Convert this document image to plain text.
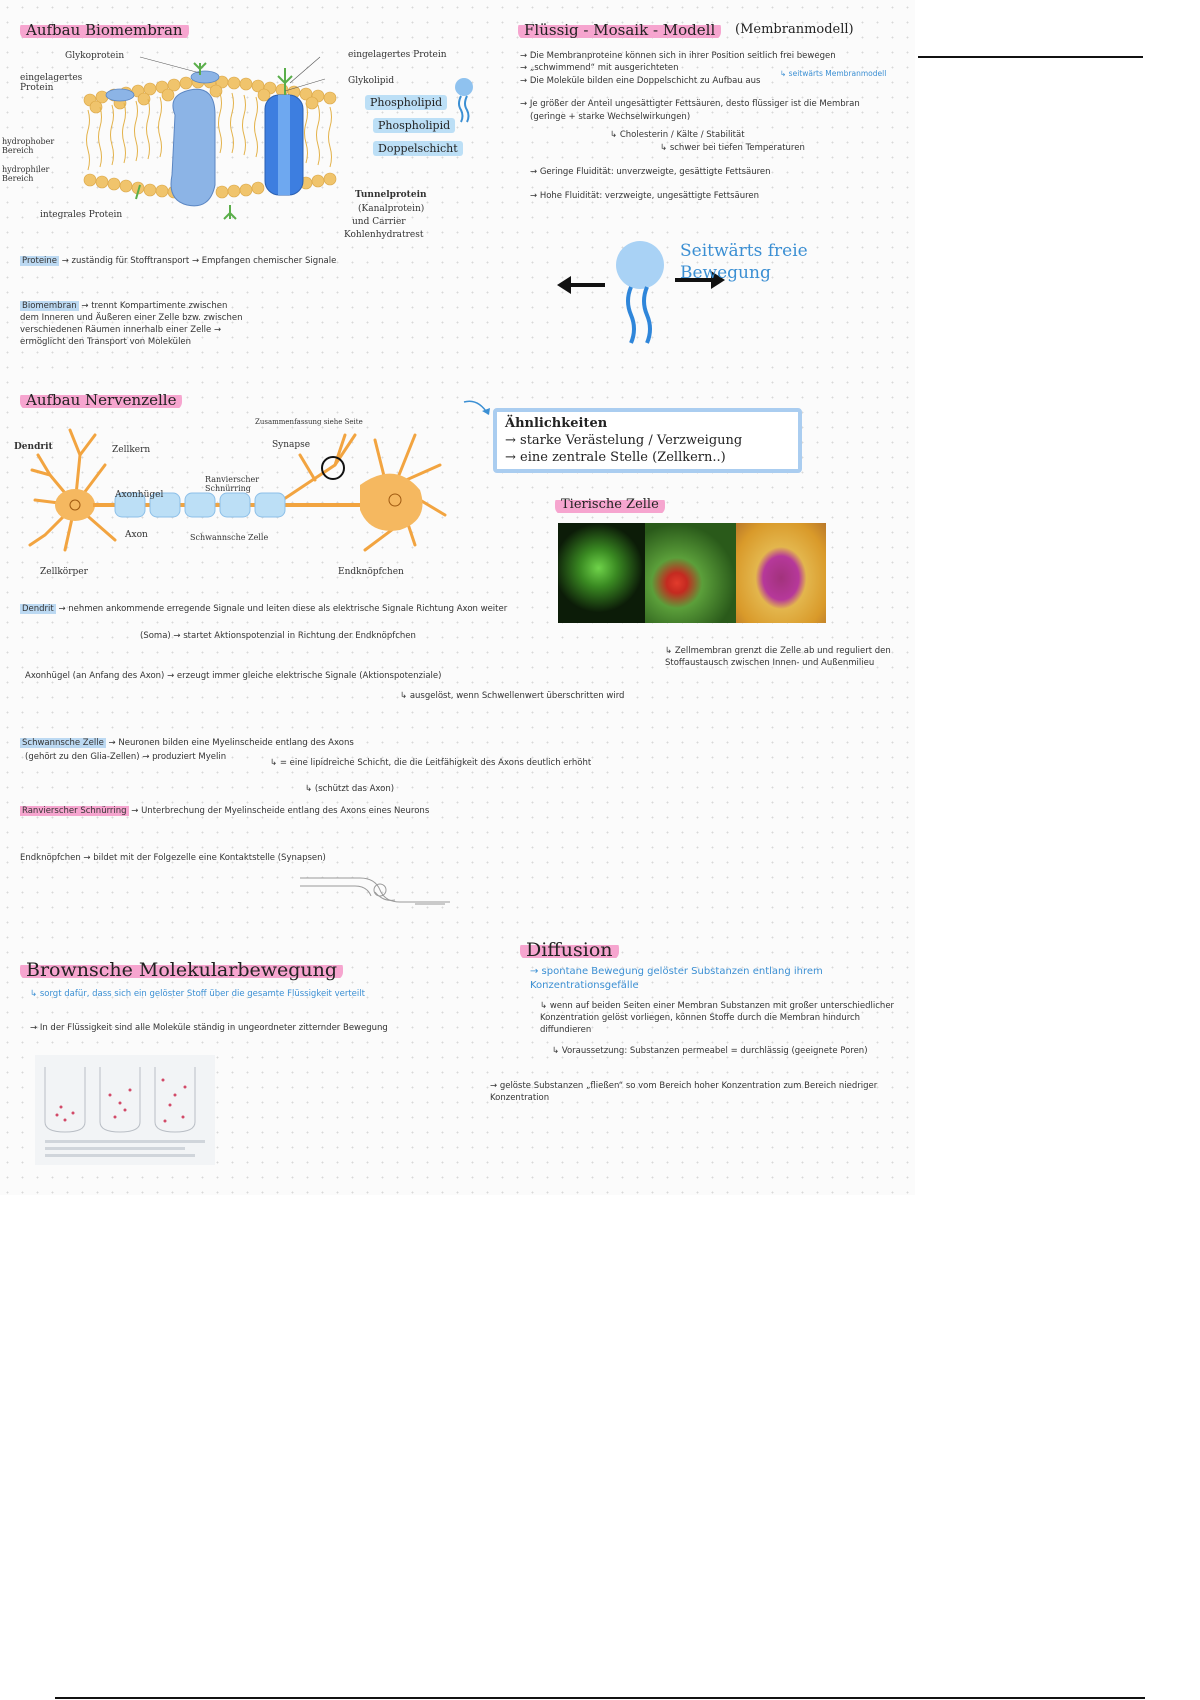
Aufbau Biomembran
Glykoprotein
eingelagertes Protein
eingelagertes Protein
Glykolipid
hydrophober Bereich
hydrophiler Bereich
integrales Protein
Tunnelprotein
(Kanalprotein)
und Carrier
Kohlenhydratrest
Phospholipid
Phospholipid
Doppelschicht
Proteine → zuständig für Stofftransport → Empfangen chemischer Signale
Biomembran → trennt Kompartimente zwischen dem Inneren und Äußeren einer Zelle bzw. zwischen verschiedenen Räumen innerhalb einer Zelle → ermöglicht den Transport von Molekülen
Flüssig - Mosaik - Modell	(Membranmodell)
→ Die Membranproteine können sich in ihrer Position seitlich frei bewegen
→ „schwimmend“ mit ausgerichteten
↳ seitwärts Membranmodell
→ Die Moleküle bilden eine Doppelschicht zu Aufbau aus
→ Je größer der Anteil ungesättigter Fettsäuren, desto flüssiger ist die Membran
(geringe + starke Wechselwirkungen)
↳ Cholesterin / Kälte / Stabilität
↳ schwer bei tiefen Temperaturen
→ Geringe Fluidität: unverzweigte, gesättigte Fettsäuren
→ Hohe Fluidität: verzweigte, ungesättigte Fettsäuren
Seitwärts freie Bewegung
Aufbau Nervenzelle
Dendrit	Zellkern
Axonhügel
Axon
Zellkörper
Ranvierscher Schnürring
Schwannsche Zelle
Synapse
Zusammenfassung siehe Seite
Endknöpfchen
Dendrit → nehmen ankommende erregende Signale und leiten diese als elektrische Signale Richtung Axon weiter
(Soma) → startet Aktionspotenzial in Richtung der Endknöpfchen
Axonhügel (an Anfang des Axon) → erzeugt immer gleiche elektrische Signale (Aktionspotenziale)
↳ ausgelöst, wenn Schwellenwert überschritten wird
Schwannsche Zelle → Neuronen bilden eine Myelinscheide entlang des Axons
(gehört zu den Glia-Zellen) → produziert Myelin
↳ = eine lipidreiche Schicht, die die Leitfähigkeit des Axons deutlich erhöht
↳ (schützt das Axon)
Ranvierscher Schnürring → Unterbrechung der Myelinscheide entlang des Axons eines Neurons
Endknöpfchen → bildet mit der Folgezelle eine Kontaktstelle (Synapsen)
Ähnlichkeiten
→ starke Verästelung / Verzweigung
→ eine zentrale Stelle (Zellkern..)
Tierische Zelle
↳ Zellmembran grenzt die Zelle ab und reguliert den Stoffaustausch zwischen Innen- und Außenmilieu
Brownsche Molekularbewegung
↳ sorgt dafür, dass sich ein gelöster Stoff über die gesamte Flüssigkeit verteilt
→ In der Flüssigkeit sind alle Moleküle ständig in ungeordneter zitternder Bewegung
Diffusion
→ spontane Bewegung gelöster Substanzen entlang ihrem Konzentrationsgefälle
↳ wenn auf beiden Seiten einer Membran Substanzen mit großer unterschiedlicher Konzentration gelöst vorliegen, können Stoffe durch die Membran hindurch diffundieren
↳ Voraussetzung: Substanzen permeabel = durchlässig (geeignete Poren)
→ gelöste Substanzen „fließen“ so vom Bereich hoher Konzentration zum Bereich niedriger Konzentration
